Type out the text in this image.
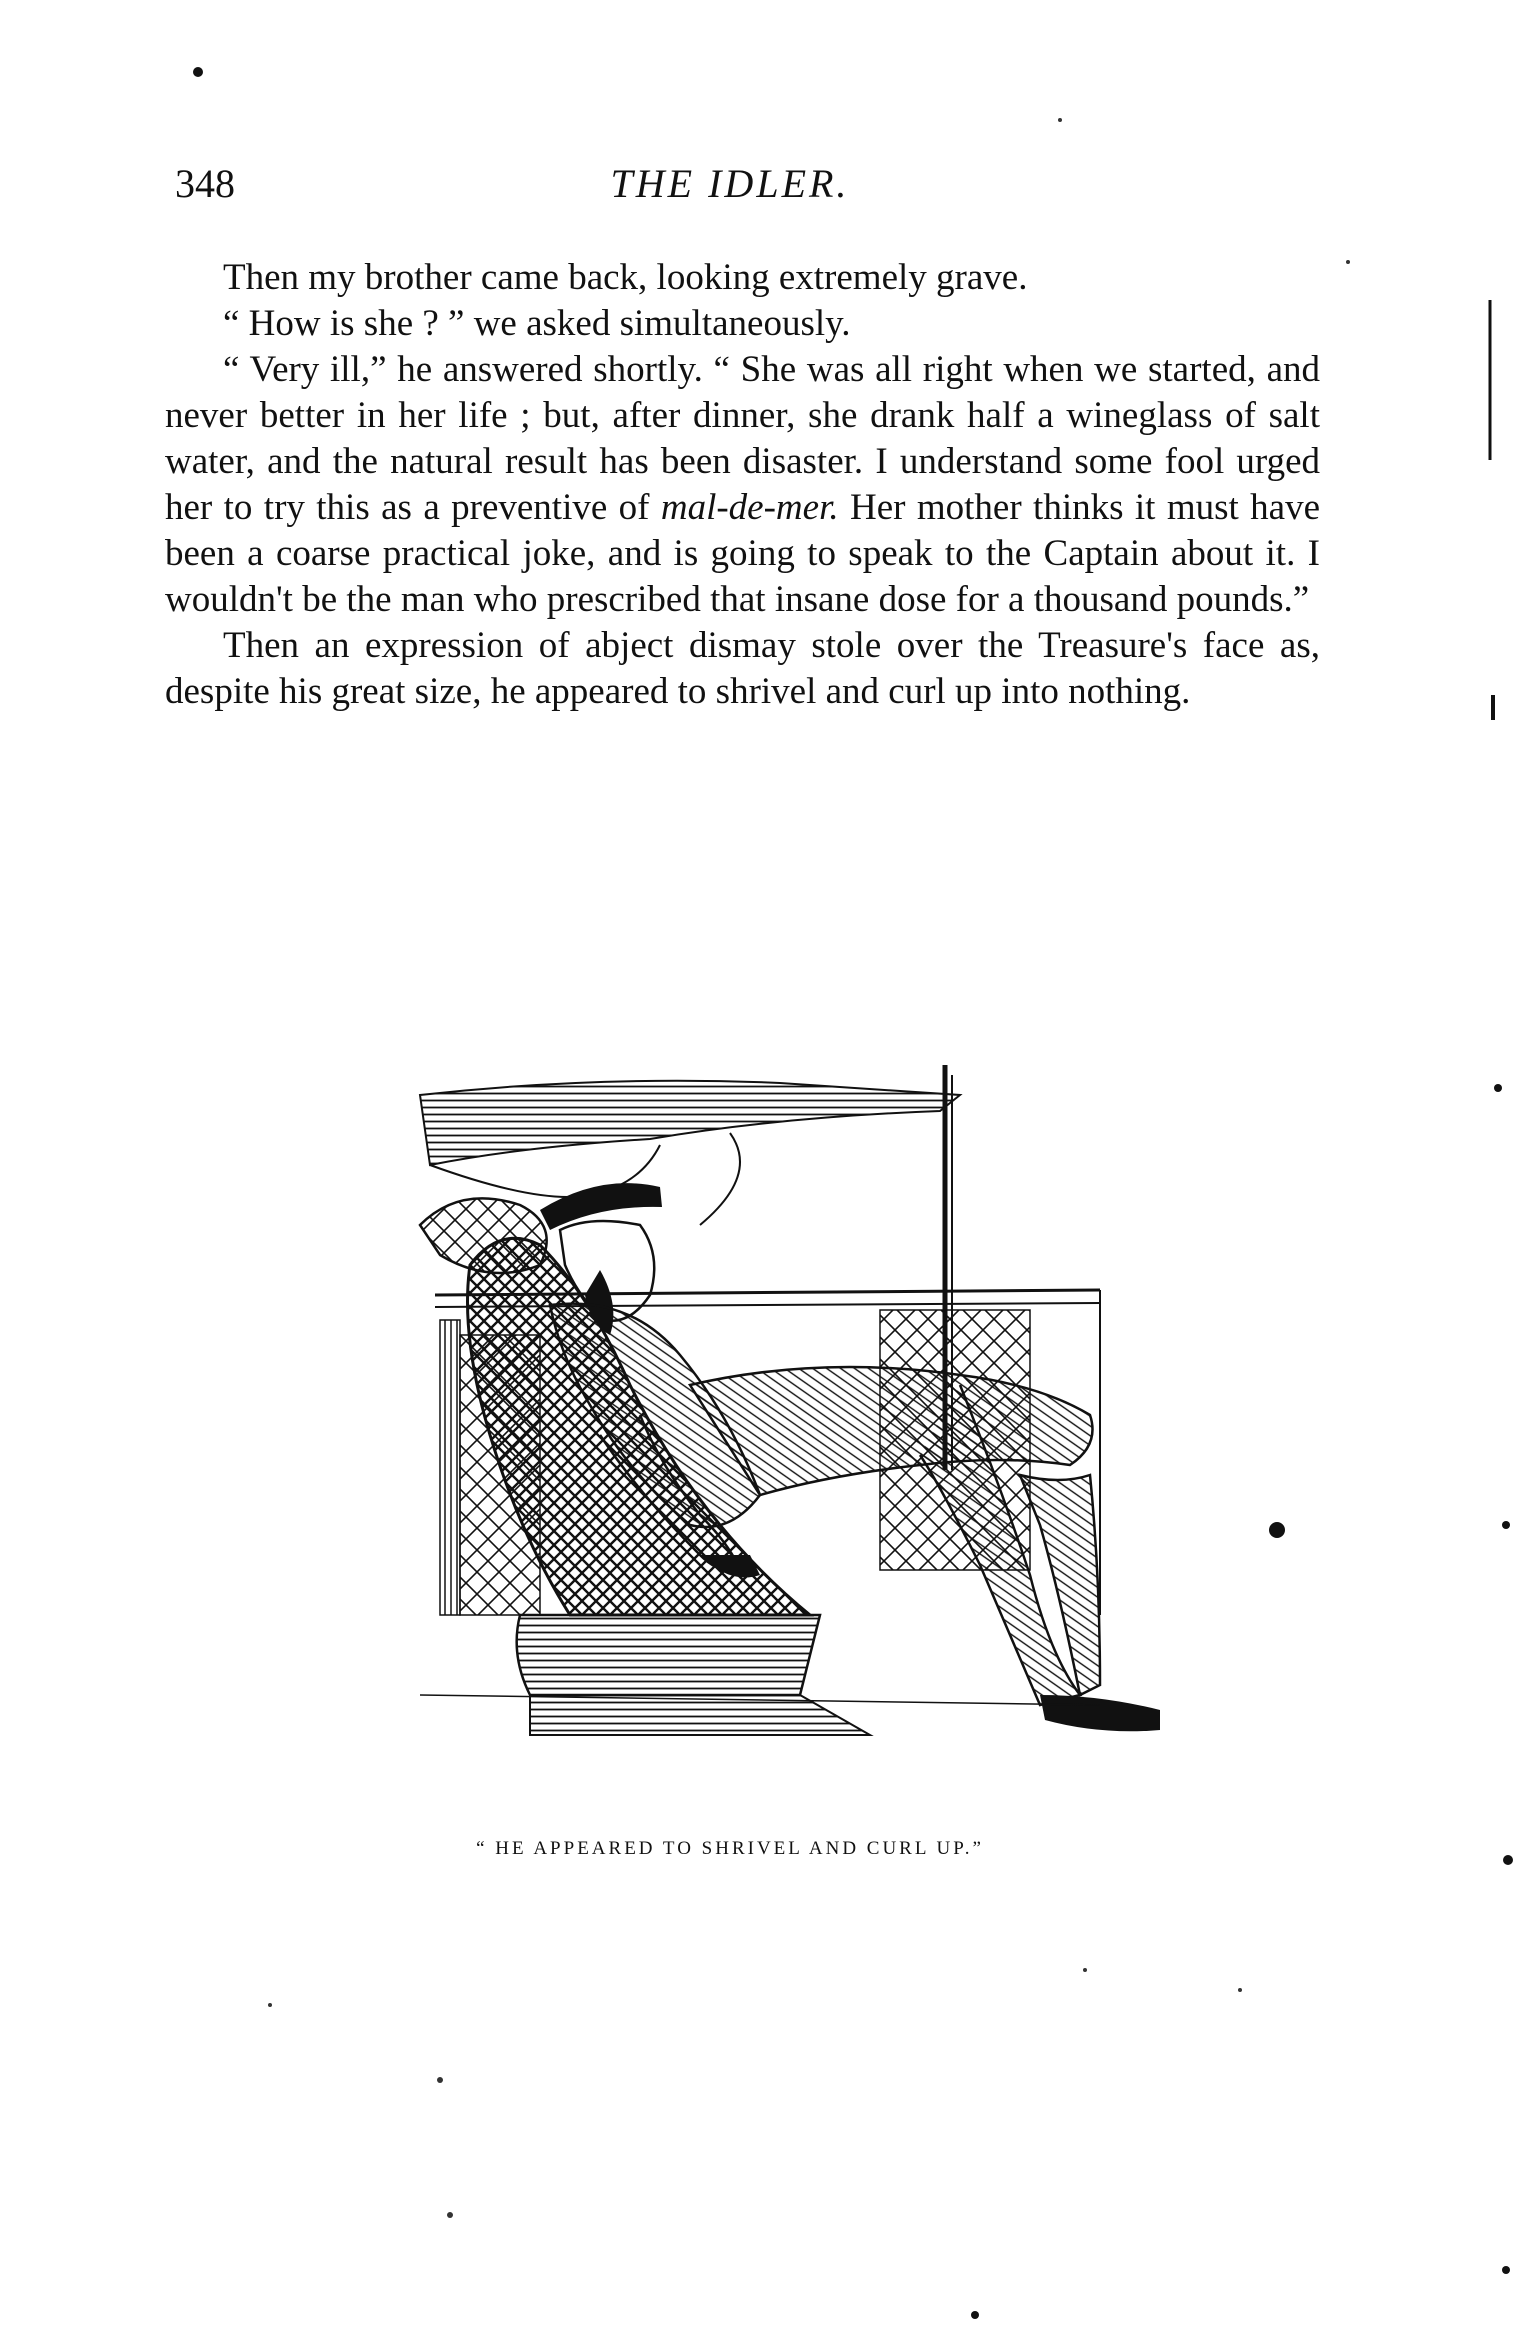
348	THE IDLER.

Then my brother came back, looking extremely grave.

“ How is she ? ” we asked simultaneously.

“ Very ill,” he answered shortly. “ She was all right when we started, and never better in her life ; but, after dinner, she drank half a wineglass of salt water, and the natural result has been disaster. I understand some fool urged her to try this as a preventive of mal-de-mer. Her mother thinks it must have been a coarse practical joke, and is going to speak to the Captain about it. I wouldn't be the man who prescribed that insane dose for a thousand pounds.”

Then an expression of abject dismay stole over the Treasure's face as, despite his great size, he appeared to shrivel and curl up into nothing.

“ HE APPEARED TO SHRIVEL AND CURL UP.”
